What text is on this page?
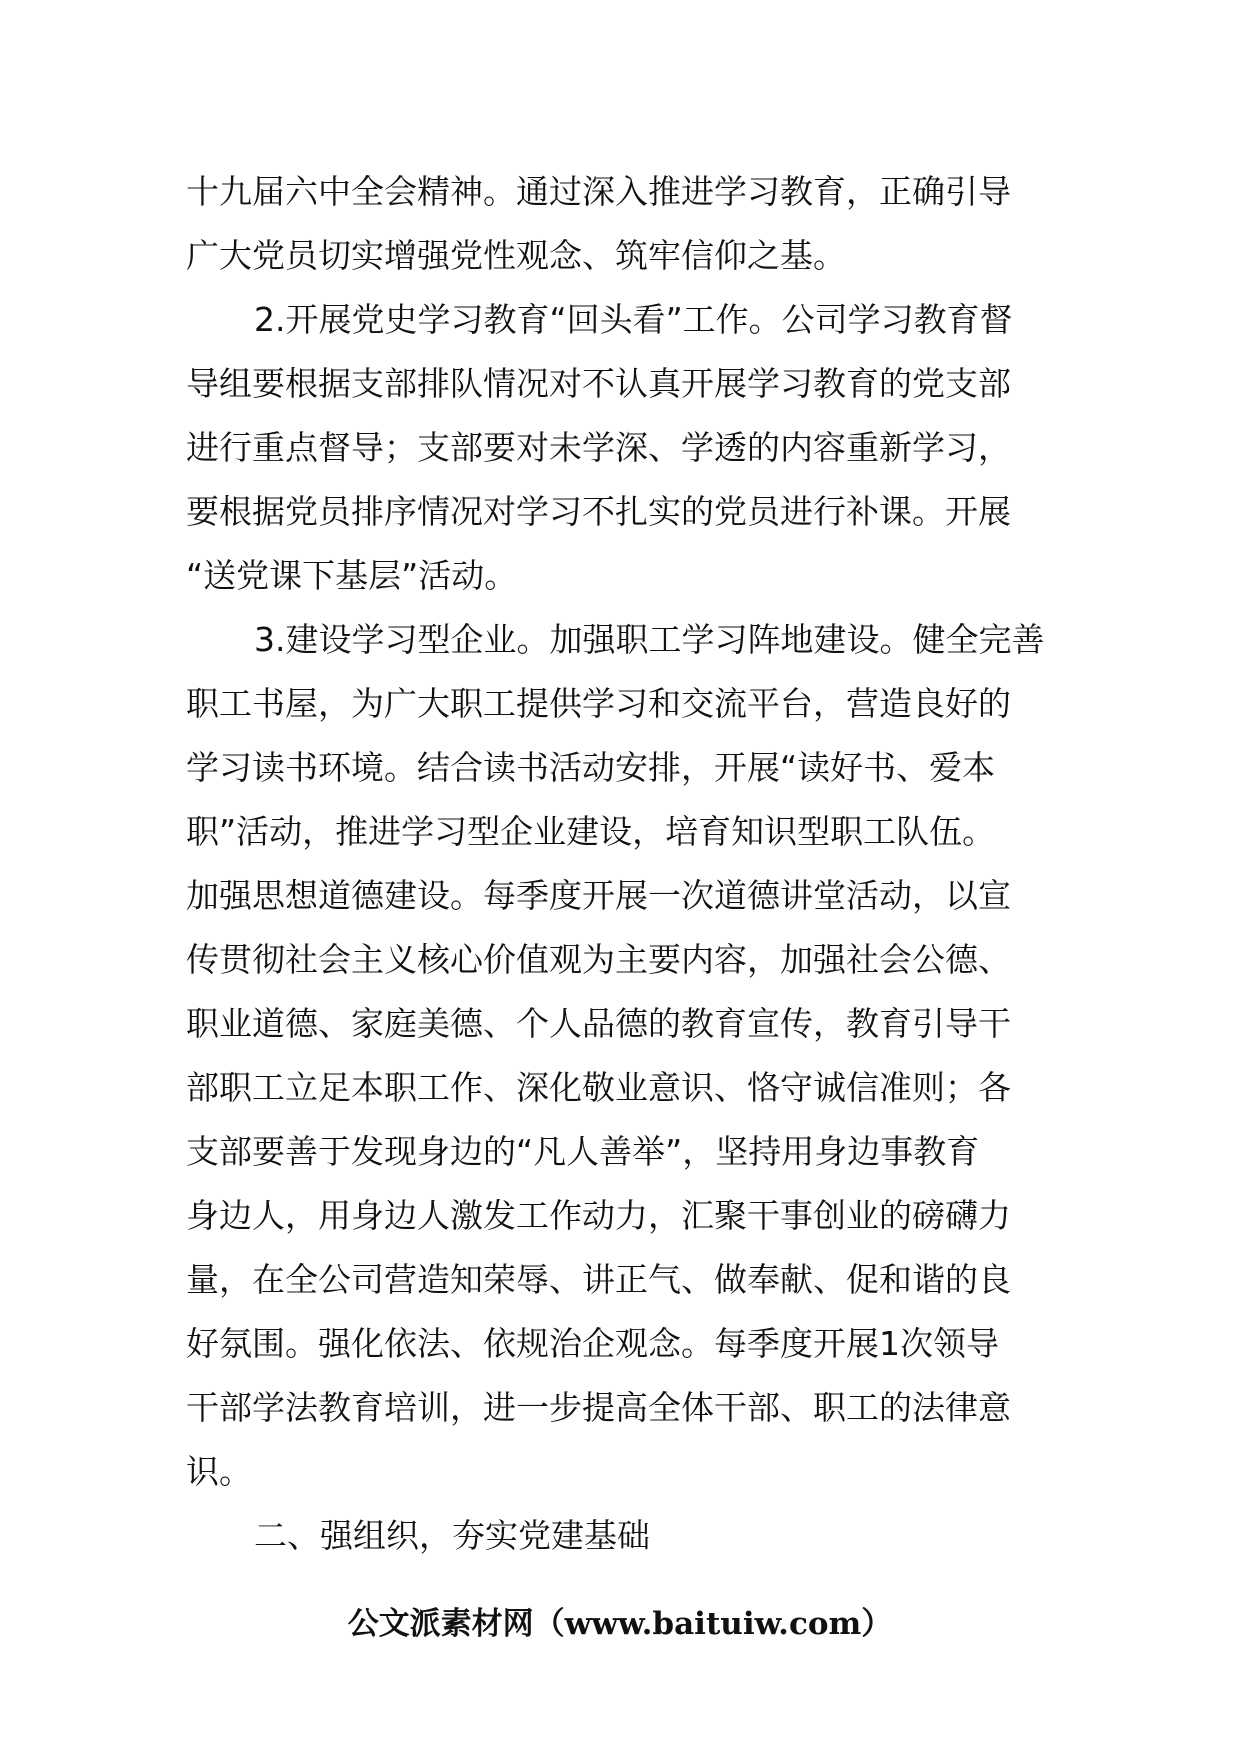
十九届六中全会精神。通过深入推进学习教育，正确引导
广大党员切实增强党性观念、筑牢信仰之基。
2.开展党史学习教育“回头看”工作。公司学习教育督
导组要根据支部排队情况对不认真开展学习教育的党支部
进行重点督导；支部要对未学深、学透的内容重新学习，
要根据党员排序情况对学习不扎实的党员进行补课。开展
“送党课下基层”活动。
3.建设学习型企业。加强职工学习阵地建设。健全完善
职工书屋，为广大职工提供学习和交流平台，营造良好的
学习读书环境。结合读书活动安排，开展“读好书、爱本
职”活动，推进学习型企业建设，培育知识型职工队伍。
加强思想道德建设。每季度开展一次道德讲堂活动，以宣
传贯彻社会主义核心价值观为主要内容，加强社会公德、
职业道德、家庭美德、个人品德的教育宣传，教育引导干
部职工立足本职工作、深化敬业意识、恪守诚信准则；各
支部要善于发现身边的“凡人善举”，坚持用身边事教育
身边人，用身边人激发工作动力，汇聚干事创业的磅礴力
量，在全公司营造知荣辱、讲正气、做奉献、促和谐的良
好氛围。强化依法、依规治企观念。每季度开展1次领导
干部学法教育培训，进一步提高全体干部、职工的法律意
识。
二、强组织，夯实党建基础
公文派素材网（www.baituiw.com）
